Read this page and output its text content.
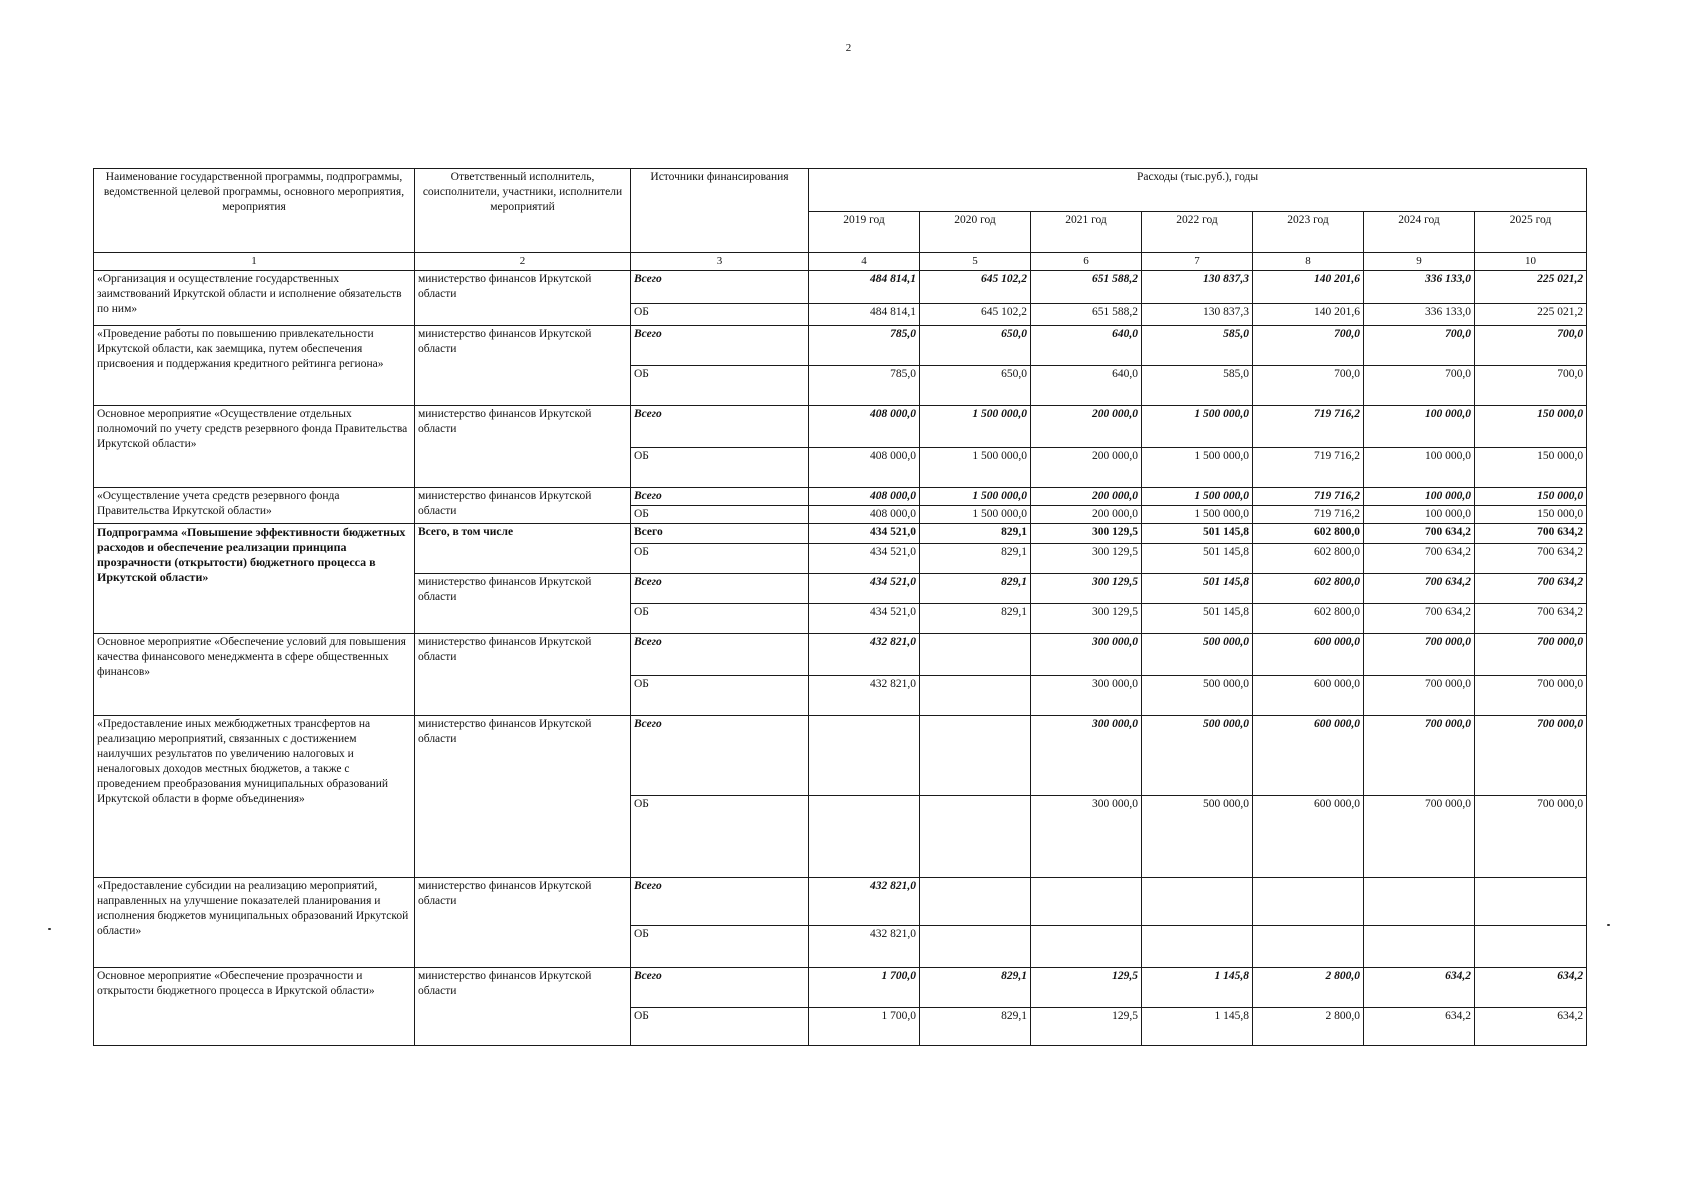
2
Наименование государственной программы, подпрограммы, ведомственной целевой программы, основного мероприятия, мероприятия	Ответственный исполнитель, соисполнители, участники, исполнители мероприятий	Источники финансирования	Расходы (тыс.руб.), годы						
			2019 год	2020 год	2021 год	2022 год	2023 год	2024 год	2025 год
1	2	3	4	5	6	7	8	9	10
«Организация и осуществление государственных заимствований Иркутской области и исполнение обязательств по ним»	министерство финансов Иркутской области	Всего	484 814,1	645 102,2	651 588,2	130 837,3	140 201,6	336 133,0	225 021,2
		ОБ	484 814,1	645 102,2	651 588,2	130 837,3	140 201,6	336 133,0	225 021,2
«Проведение работы по повышению привлекательности Иркутской области, как заемщика, путем обеспечения присвоения и поддержания кредитного рейтинга региона»	министерство финансов Иркутской области	Всего	785,0	650,0	640,0	585,0	700,0	700,0	700,0
		ОБ	785,0	650,0	640,0	585,0	700,0	700,0	700,0
Основное мероприятие «Осуществление отдельных полномочий по учету средств резервного фонда Правительства Иркутской области»	министерство финансов Иркутской области	Всего	408 000,0	1 500 000,0	200 000,0	1 500 000,0	719 716,2	100 000,0	150 000,0
		ОБ	408 000,0	1 500 000,0	200 000,0	1 500 000,0	719 716,2	100 000,0	150 000,0
«Осуществление учета средств резервного фонда Правительства Иркутской области»	министерство финансов Иркутской области	Всего	408 000,0	1 500 000,0	200 000,0	1 500 000,0	719 716,2	100 000,0	150 000,0
		ОБ	408 000,0	1 500 000,0	200 000,0	1 500 000,0	719 716,2	100 000,0	150 000,0
Подпрограмма «Повышение эффективности бюджетных расходов и обеспечение реализации принципа прозрачности (открытости) бюджетного процесса в Иркутской области»	Всего, в том числе	Всего	434 521,0	829,1	300 129,5	501 145,8	602 800,0	700 634,2	700 634,2
		ОБ	434 521,0	829,1	300 129,5	501 145,8	602 800,0	700 634,2	700 634,2
	министерство финансов Иркутской области	Всего	434 521,0	829,1	300 129,5	501 145,8	602 800,0	700 634,2	700 634,2
		ОБ	434 521,0	829,1	300 129,5	501 145,8	602 800,0	700 634,2	700 634,2
Основное мероприятие «Обеспечение условий для повышения качества финансового менеджмента в сфере общественных финансов»	министерство финансов Иркутской области	Всего	432 821,0		300 000,0	500 000,0	600 000,0	700 000,0	700 000,0
		ОБ	432 821,0		300 000,0	500 000,0	600 000,0	700 000,0	700 000,0
«Предоставление иных межбюджетных трансфертов на реализацию мероприятий, связанных с достижением наилучших результатов по увеличению налоговых и неналоговых доходов местных бюджетов, а также с проведением преобразования муниципальных образований Иркутской области в форме объединения»	министерство финансов Иркутской области	Всего			300 000,0	500 000,0	600 000,0	700 000,0	700 000,0
		ОБ			300 000,0	500 000,0	600 000,0	700 000,0	700 000,0
«Предоставление субсидии на реализацию мероприятий, направленных на улучшение показателей планирования и исполнения бюджетов муниципальных образований Иркутской области»	министерство финансов Иркутской области	Всего	432 821,0						
		ОБ	432 821,0						
Основное мероприятие «Обеспечение прозрачности и открытости бюджетного процесса в Иркутской области»	министерство финансов Иркутской области	Всего	1 700,0	829,1	129,5	1 145,8	2 800,0	634,2	634,2
		ОБ	1 700,0	829,1	129,5	1 145,8	2 800,0	634,2	634,2
